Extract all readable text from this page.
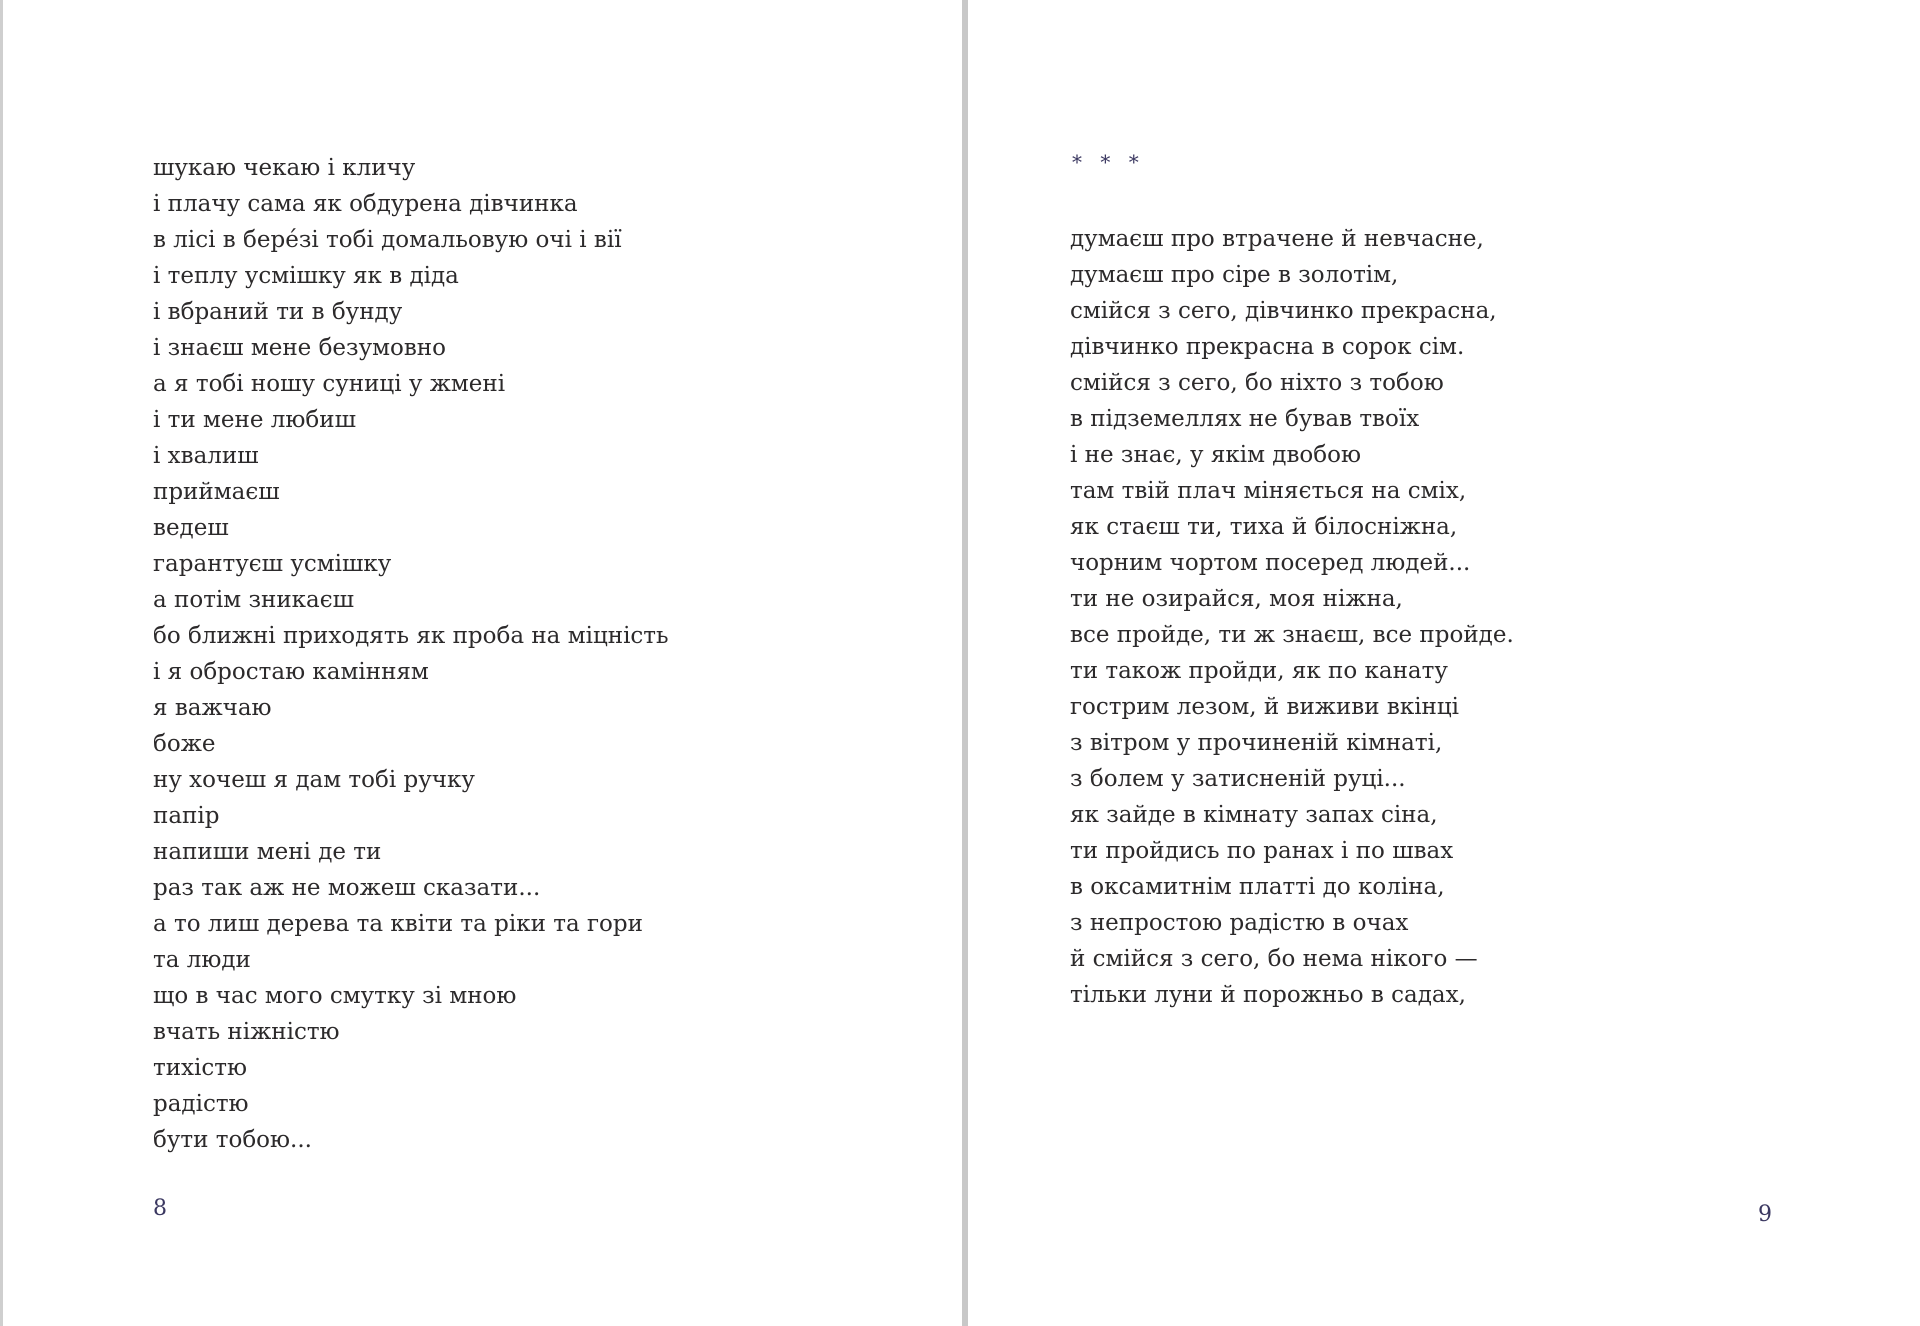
шукаю чекаю і кличу
і плачу сама як обдурена дівчинка
в лісі в берéзі тобі домальовую очі і вії
і теплу усмішку як в діда
і вбраний ти в бунду
і знаєш мене безумовно
а я тобі ношу суниці у жмені
і ти мене любиш
і хвалиш
приймаєш
ведеш
гарантуєш усмішку
а потім зникаєш
бо ближні приходять як проба на міцність
і я обростаю камінням
я важчаю
боже
ну хочеш я дам тобі ручку
папір
напиши мені де ти
раз так аж не можеш сказати...
а то лиш дерева та квіти та ріки та гори
та люди
що в час мого смутку зі мною
вчать ніжністю
тихістю
радістю
бути тобою...
8
* * *
думаєш про втрачене й невчасне,
думаєш про сіре в золотім,
смійся з сего, дівчинко прекрасна,
дівчинко прекрасна в сорок сім.
смійся з сего, бо ніхто з тобою
в підземеллях не бував твоїх
і не знає, у якім двобою
там твій плач міняється на сміх,
як стаєш ти, тиха й білосніжна,
чорним чортом посеред людей...
ти не озирайся, моя ніжна,
все пройде, ти ж знаєш, все пройде.
ти також пройди, як по канату
гострим лезом, й виживи вкінці
з вітром у прочиненій кімнаті,
з болем у затисненій руці...
як зайде в кімнату запах сіна,
ти пройдись по ранах і по швах
в оксамитнім платті до коліна,
з непростою радістю в очах
й смійся з сего, бо нема нікого —
тільки луни й порожньо в садах,
9
